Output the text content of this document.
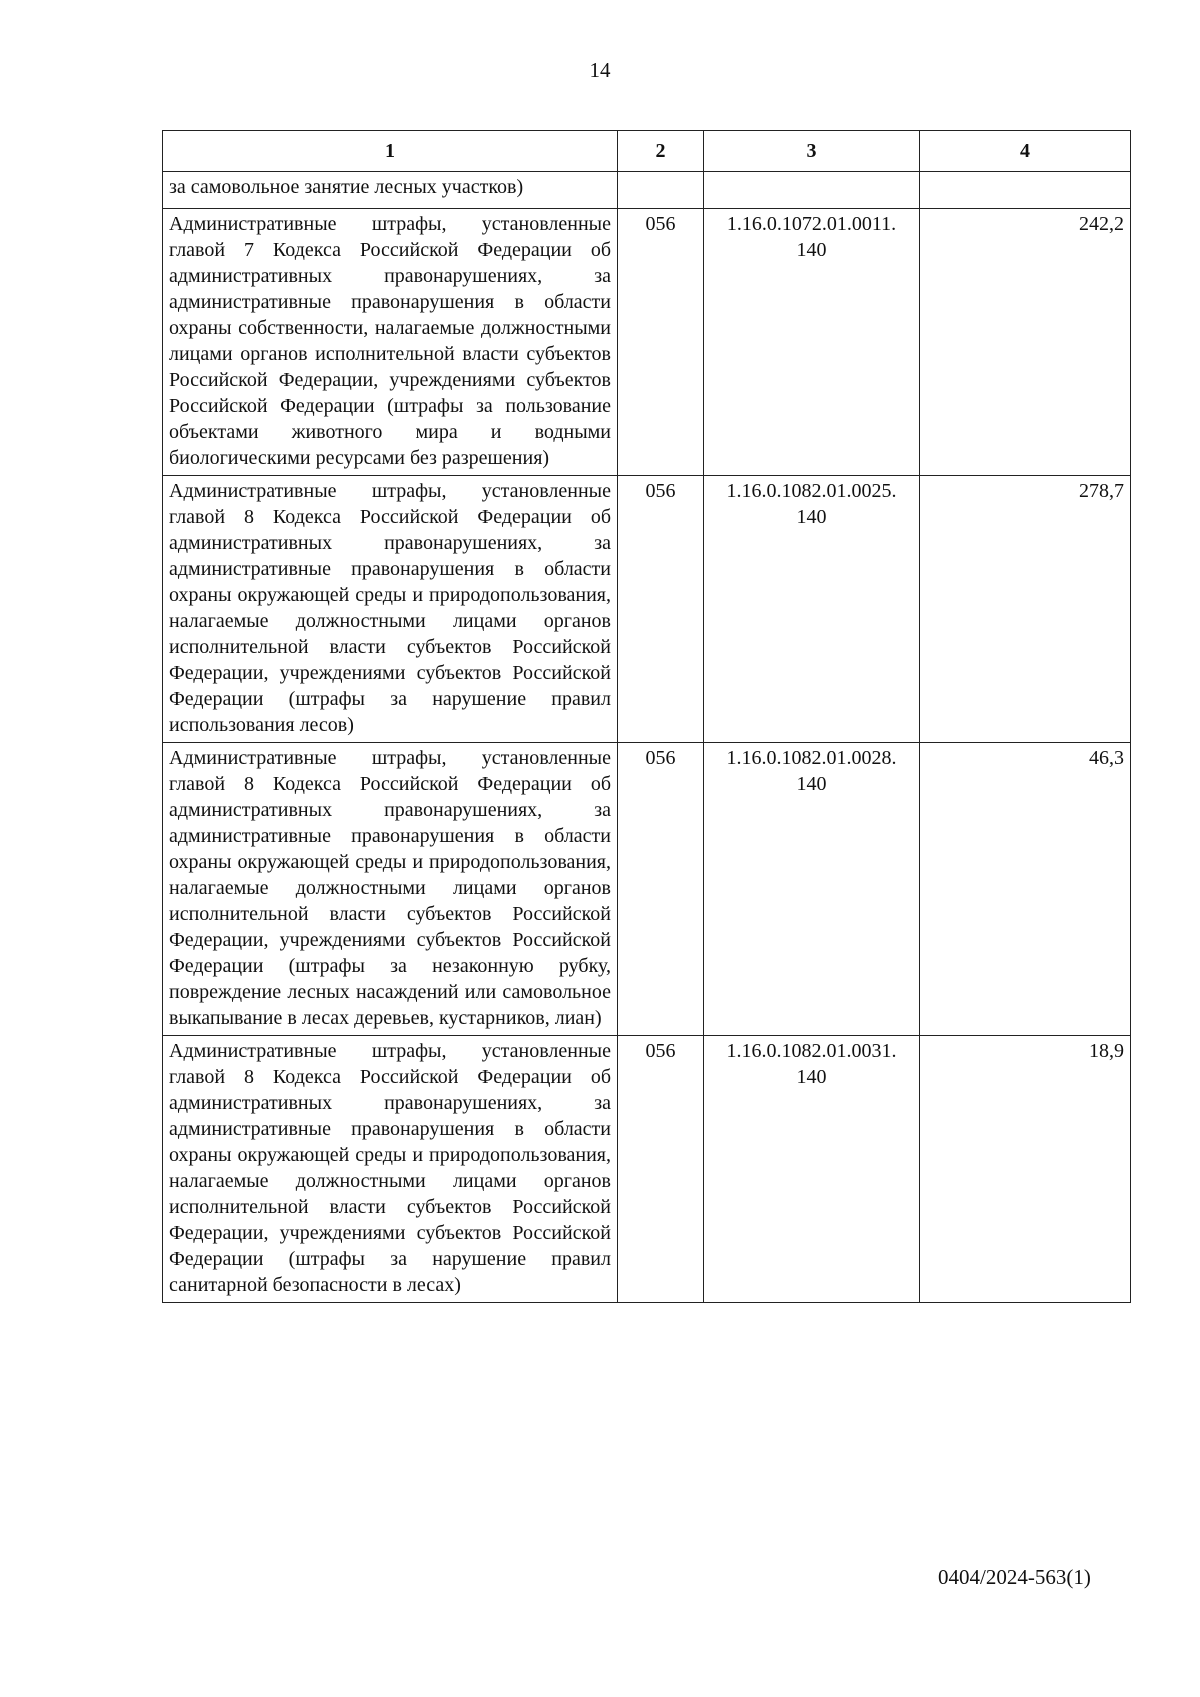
14
1	2	3	4
за самовольное занятие лесных участков)			
Административные штрафы, установленные главой 7 Кодекса Российской Федерации об административных правонарушениях, за административные правонарушения в области охраны собственности, налагаемые должностными лицами органов исполнительной власти субъектов Российской Федерации, учреждениями субъектов Российской Федерации (штрафы за пользование объектами животного мира и водными биологическими ресурсами без разрешения)	056	1.16.0.1072.01.0011. 140	242,2
Административные штрафы, установленные главой 8 Кодекса Российской Федерации об административных правонарушениях, за административные правонарушения в области охраны окружающей среды и природопользования, налагаемые должностными лицами органов исполнительной власти субъектов Российской Федерации, учреждениями субъектов Российской Федерации (штрафы за нарушение правил использования лесов)	056	1.16.0.1082.01.0025. 140	278,7
Административные штрафы, установленные главой 8 Кодекса Российской Федерации об административных правонарушениях, за административные правонарушения в области охраны окружающей среды и природопользования, налагаемые должностными лицами органов исполнительной власти субъектов Российской Федерации, учреждениями субъектов Российской Федерации (штрафы за незаконную рубку, повреждение лесных насаждений или самовольное выкапывание в лесах деревьев, кустарников, лиан)	056	1.16.0.1082.01.0028. 140	46,3
Административные штрафы, установленные главой 8 Кодекса Российской Федерации об административных правонарушениях, за административные правонарушения в области охраны окружающей среды и природопользования, налагаемые должностными лицами органов исполнительной власти субъектов Российской Федерации, учреждениями субъектов Российской Федерации (штрафы за нарушение правил санитарной безопасности в лесах)	056	1.16.0.1082.01.0031. 140	18,9
0404/2024-563(1)
